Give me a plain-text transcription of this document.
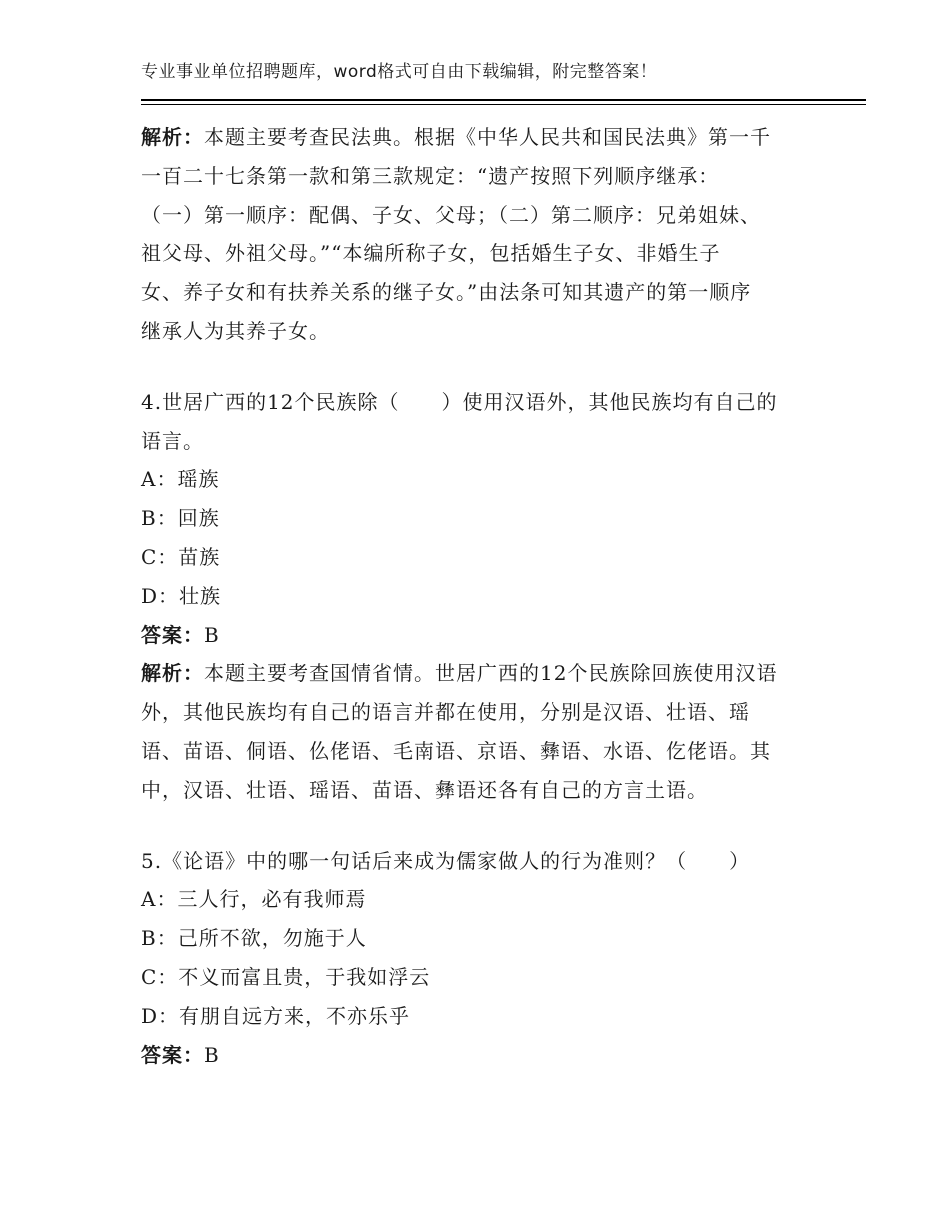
专业事业单位招聘题库，word格式可自由下载编辑，附完整答案！
解析：本题主要考查民法典。根据《中华人民共和国民法典》第一千
一百二十七条第一款和第三款规定：“遗产按照下列顺序继承：
（一）第一顺序：配偶、子女、父母；（二）第二顺序：兄弟姐妹、
祖父母、外祖父母。”“本编所称子女，包括婚生子女、非婚生子
女、养子女和有扶养关系的继子女。”由法条可知其遗产的第一顺序
继承人为其养子女。
4.世居广西的12个民族除（　　）使用汉语外，其他民族均有自己的
语言。
A：瑶族
B：回族
C：苗族
D：壮族
答案：B
解析：本题主要考查国情省情。世居广西的12个民族除回族使用汉语
外，其他民族均有自己的语言并都在使用，分别是汉语、壮语、瑶
语、苗语、侗语、仫佬语、毛南语、京语、彝语、水语、仡佬语。其
中，汉语、壮语、瑶语、苗语、彝语还各有自己的方言土语。
5.《论语》中的哪一句话后来成为儒家做人的行为准则？（　　）
A：三人行，必有我师焉
B：己所不欲，勿施于人
C：不义而富且贵，于我如浮云
D：有朋自远方来，不亦乐乎
答案：B
